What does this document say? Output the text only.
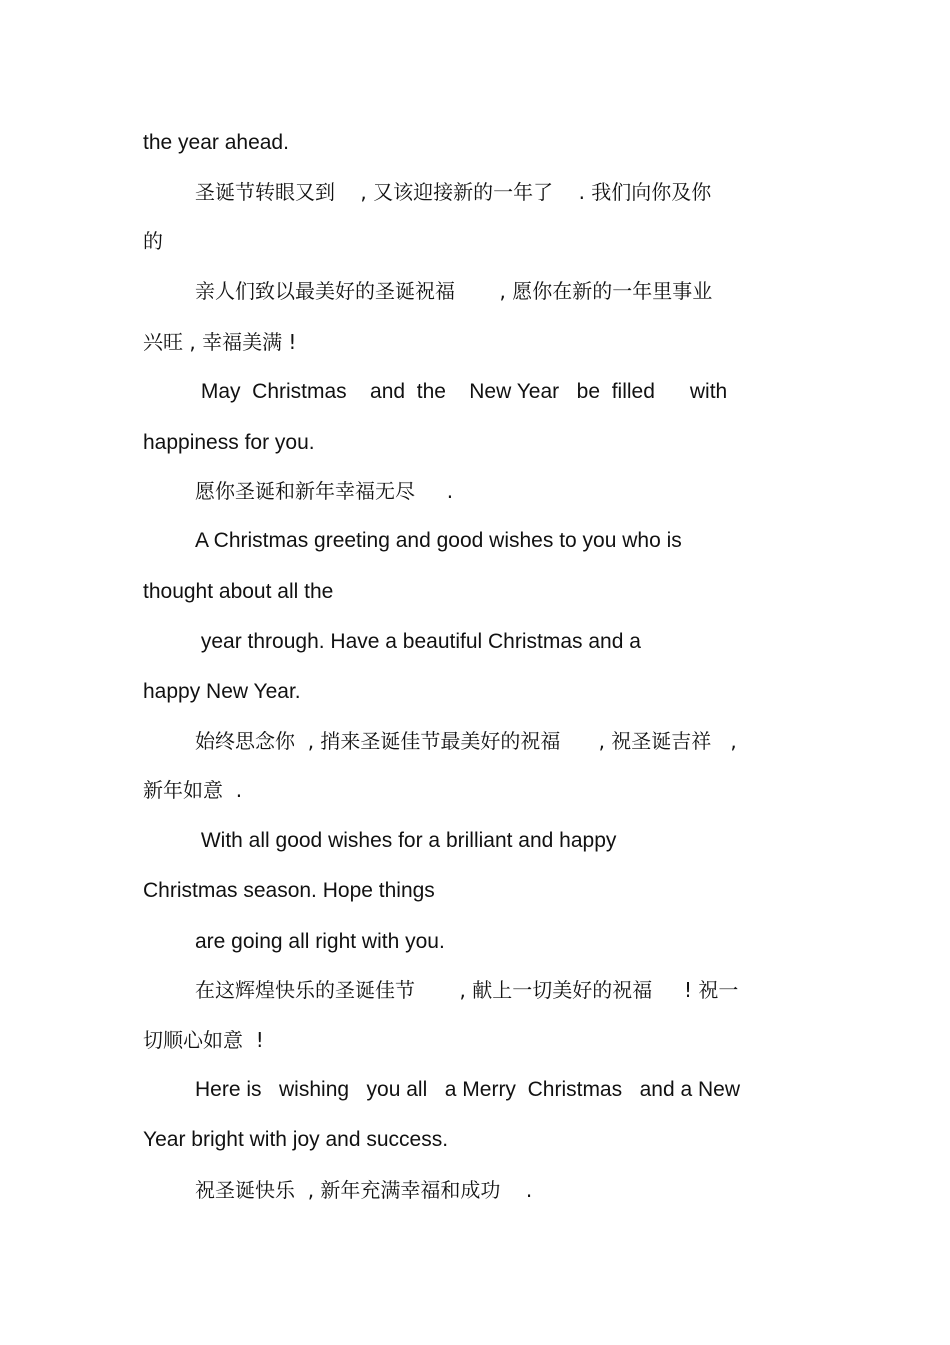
the year ahead.
圣诞节转眼又到    , 又该迎接新的一年了    . 我们向你及你
的
亲人们致以最美好的圣诞祝福       , 愿你在新的一年里事业
兴旺 , 幸福美满 !
May  Christmas    and  the    New Year   be  filled      with
happiness for you.
愿你圣诞和新年幸福无尽     .
A Christmas greeting and good wishes to you who is
thought about all the
year through. Have a beautiful Christmas and a
happy New Year.
始终思念你  , 捎来圣诞佳节最美好的祝福      , 祝圣诞吉祥   ,
新年如意  .
With all good wishes for a brilliant and happy
Christmas season. Hope things
are going all right with you.
在这辉煌快乐的圣诞佳节       , 献上一切美好的祝福     ! 祝一
切顺心如意  !
Here is   wishing   you all   a Merry  Christmas   and a New
Year bright with joy and success.
祝圣诞快乐  , 新年充满幸福和成功    .
